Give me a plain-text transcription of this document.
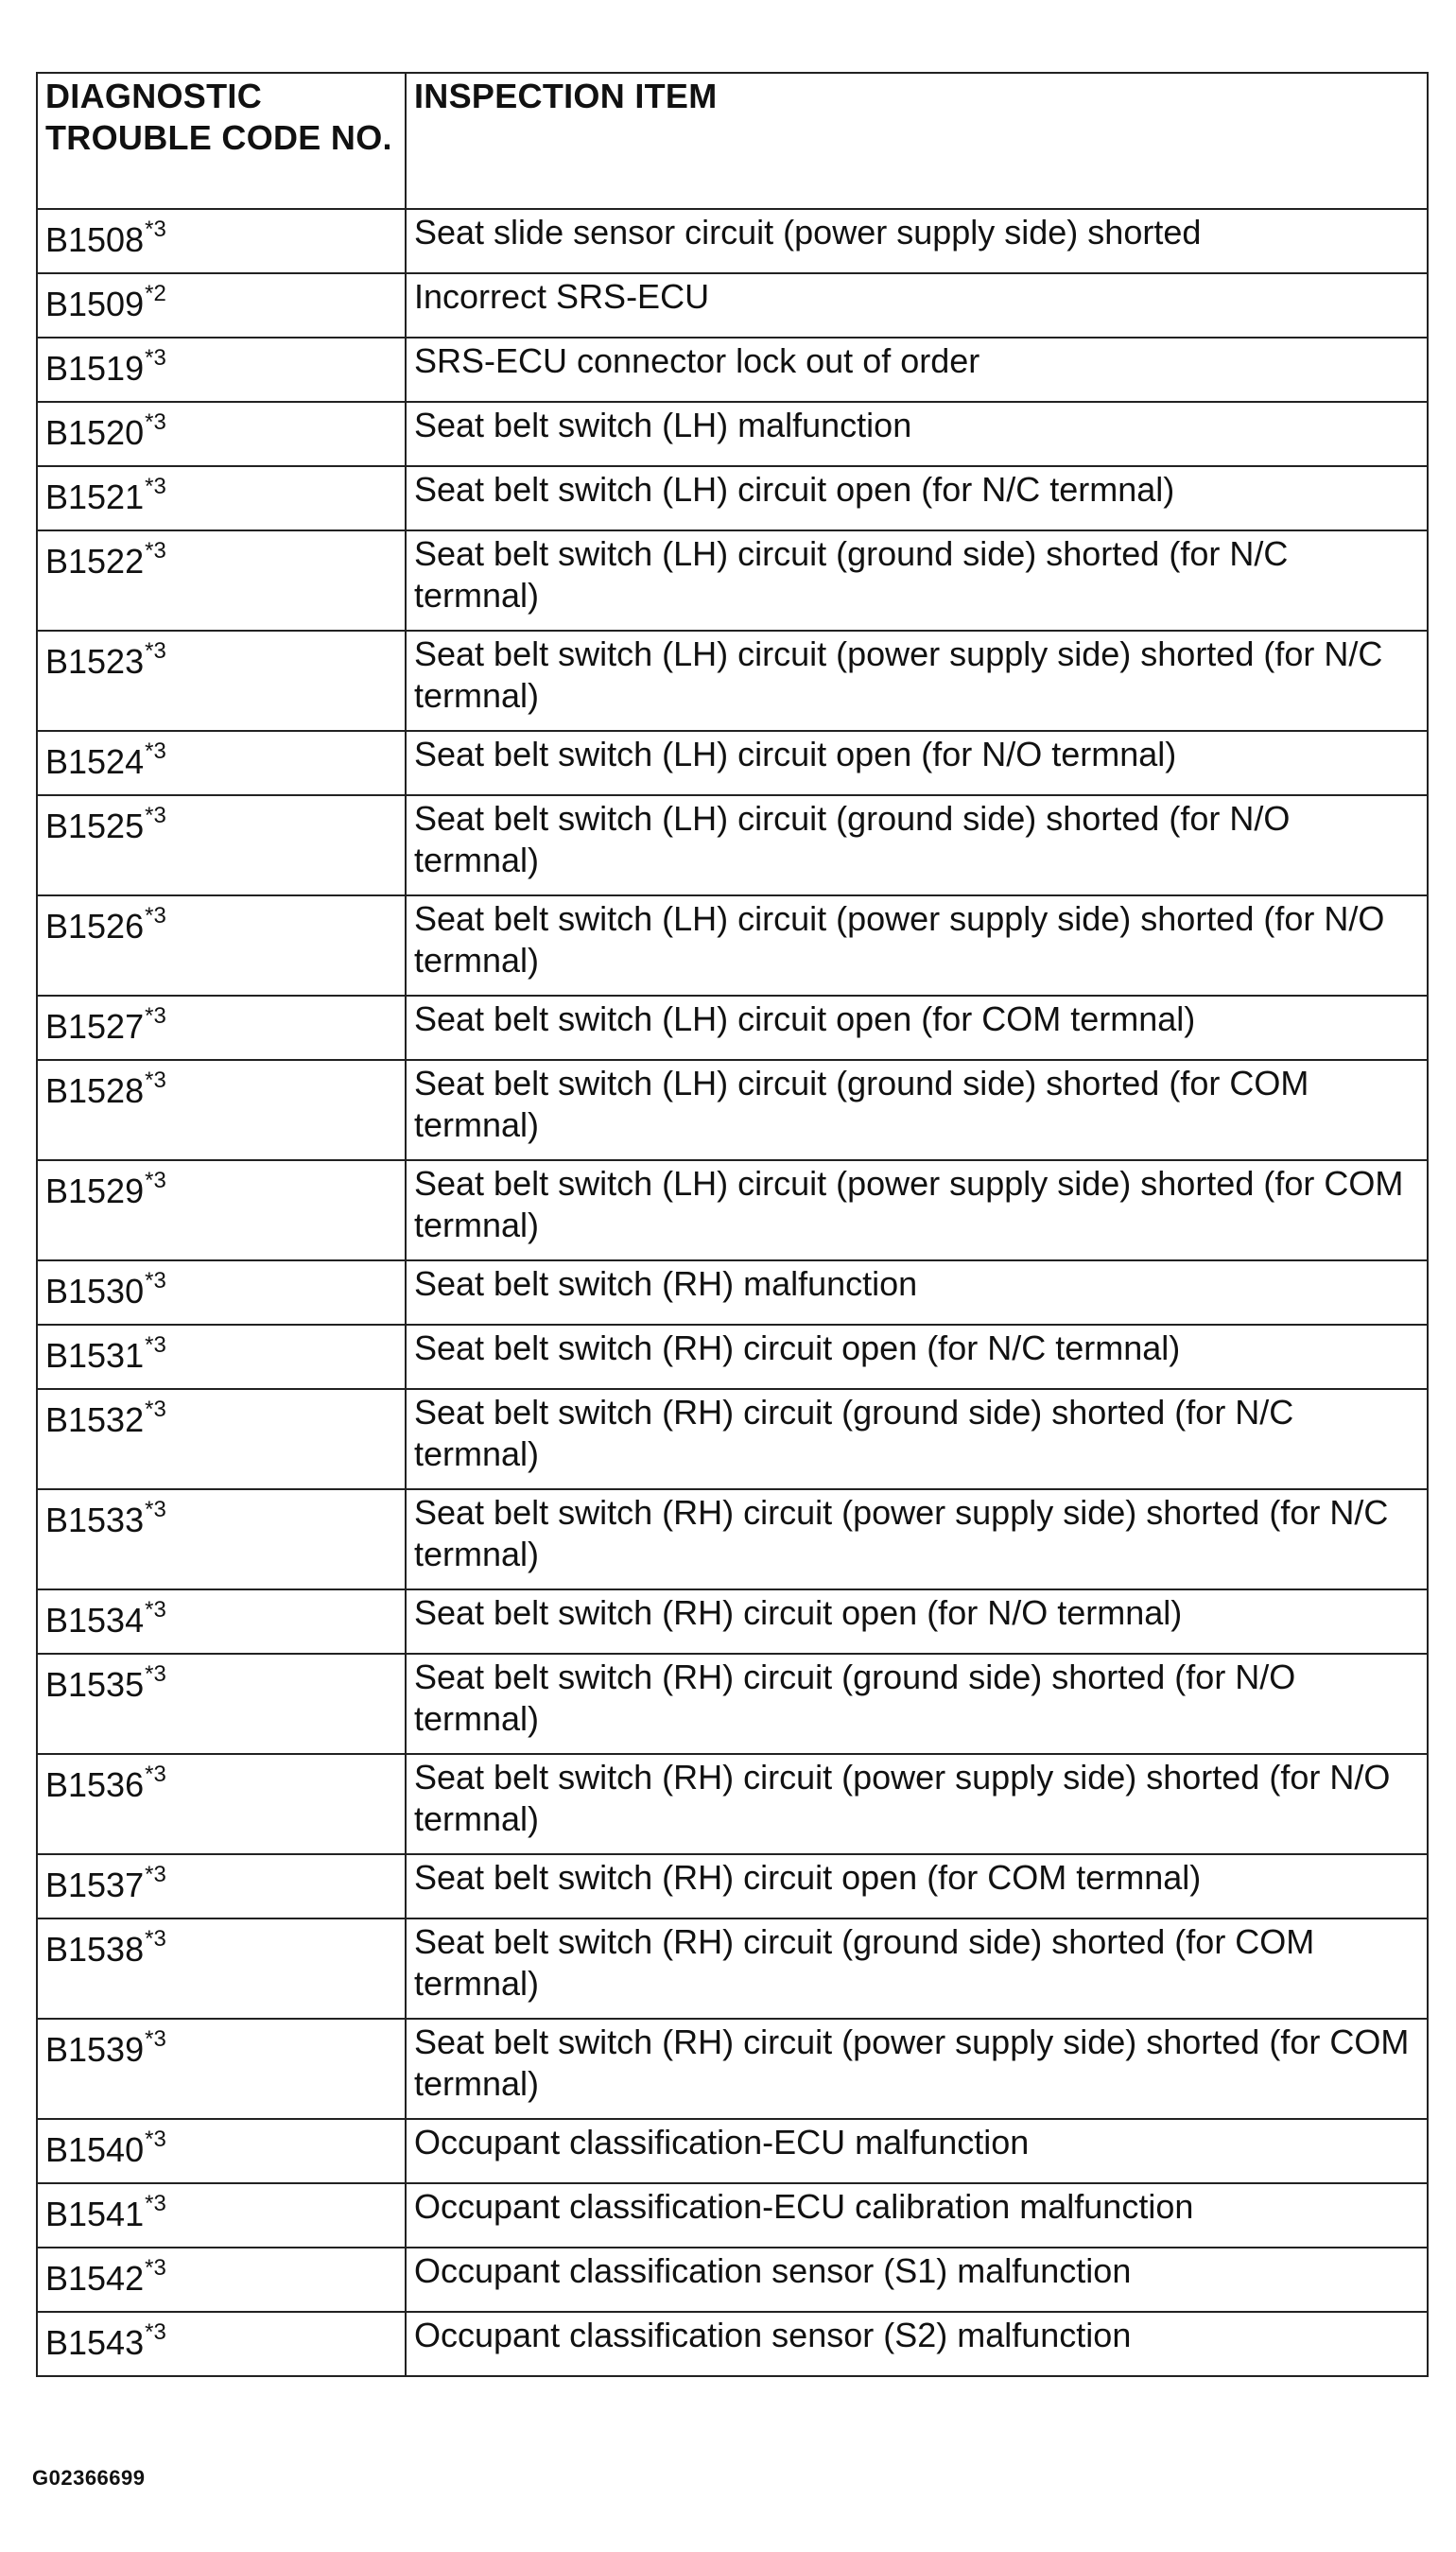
DIAGNOSTIC TROUBLE CODE NO.	INSPECTION ITEM
B1508$^{*3}$	Seat slide sensor circuit (power supply side) shorted
B1509$^{*2}$	Incorrect SRS-ECU
B1519$^{*3}$	SRS-ECU connector lock out of order
B1520$^{*3}$	Seat belt switch (LH) malfunction
B1521$^{*3}$	Seat belt switch (LH) circuit open (for N/C termnal)
B1522$^{*3}$	Seat belt switch (LH) circuit (ground side) shorted (for N/C termnal)
B1523$^{*3}$	Seat belt switch (LH) circuit (power supply side) shorted (for N/C termnal)
B1524$^{*3}$	Seat belt switch (LH) circuit open (for N/O termnal)
B1525$^{*3}$	Seat belt switch (LH) circuit (ground side) shorted (for N/O termnal)
B1526$^{*3}$	Seat belt switch (LH) circuit (power supply side) shorted (for N/O termnal)
B1527$^{*3}$	Seat belt switch (LH) circuit open (for COM termnal)
B1528$^{*3}$	Seat belt switch (LH) circuit (ground side) shorted (for COM termnal)
B1529$^{*3}$	Seat belt switch (LH) circuit (power supply side) shorted (for COM termnal)
B1530$^{*3}$	Seat belt switch (RH) malfunction
B1531$^{*3}$	Seat belt switch (RH) circuit open (for N/C termnal)
B1532$^{*3}$	Seat belt switch (RH) circuit (ground side) shorted (for N/C termnal)
B1533$^{*3}$	Seat belt switch (RH) circuit (power supply side) shorted (for N/C termnal)
B1534$^{*3}$	Seat belt switch (RH) circuit open (for N/O termnal)
B1535$^{*3}$	Seat belt switch (RH) circuit (ground side) shorted (for N/O termnal)
B1536$^{*3}$	Seat belt switch (RH) circuit (power supply side) shorted (for N/O termnal)
B1537$^{*3}$	Seat belt switch (RH) circuit open (for COM termnal)
B1538$^{*3}$	Seat belt switch (RH) circuit (ground side) shorted (for COM termnal)
B1539$^{*3}$	Seat belt switch (RH) circuit (power supply side) shorted (for COM termnal)
B1540$^{*3}$	Occupant classification-ECU malfunction
B1541$^{*3}$	Occupant classification-ECU calibration malfunction
B1542$^{*3}$	Occupant classification sensor (S1) malfunction
B1543$^{*3}$	Occupant classification sensor (S2) malfunction
G02366699
